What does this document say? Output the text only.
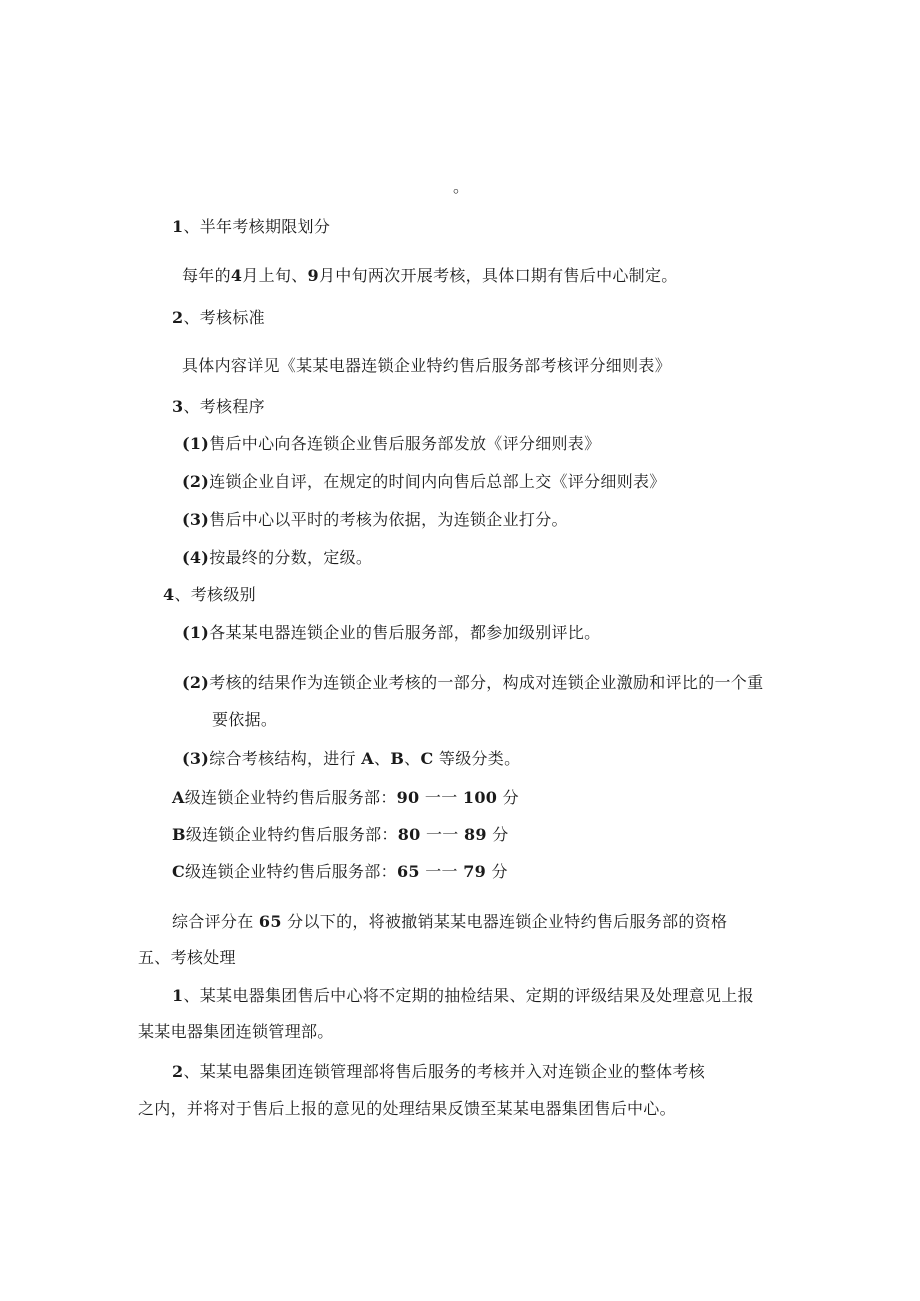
。
1、半年考核期限划分
每年的4月上旬、9月中旬两次开展考核，具体口期有售后中心制定。
2、考核标准
具体内容详见《某某电器连锁企业特约售后服务部考核评分细则表》
3、考核程序
(1)售后中心向各连锁企业售后服务部发放《评分细则表》
(2)连锁企业自评，在规定的时间内向售后总部上交《评分细则表》
(3)售后中心以平时的考核为依据，为连锁企业打分。
(4)按最终的分数，定级。
4、考核级别
(1)各某某电器连锁企业的售后服务部，都参加级别评比。
(2)考核的结果作为连锁企业考核的一部分，构成对连锁企业激励和评比的一个重
要依据。
(3)综合考核结构，进行 A、B、C 等级分类。
A级连锁企业特约售后服务部：90 一一 100 分
B级连锁企业特约售后服务部：80 一一 89 分
C级连锁企业特约售后服务部：65 一一 79 分
综合评分在 65 分以下的，将被撤销某某电器连锁企业特约售后服务部的资格
五、考核处理
1、某某电器集团售后中心将不定期的抽检结果、定期的评级结果及处理意见上报
某某电器集团连锁管理部。
2、某某电器集团连锁管理部将售后服务的考核并入对连锁企业的整体考核
之内，并将对于售后上报的意见的处理结果反馈至某某电器集团售后中心。
